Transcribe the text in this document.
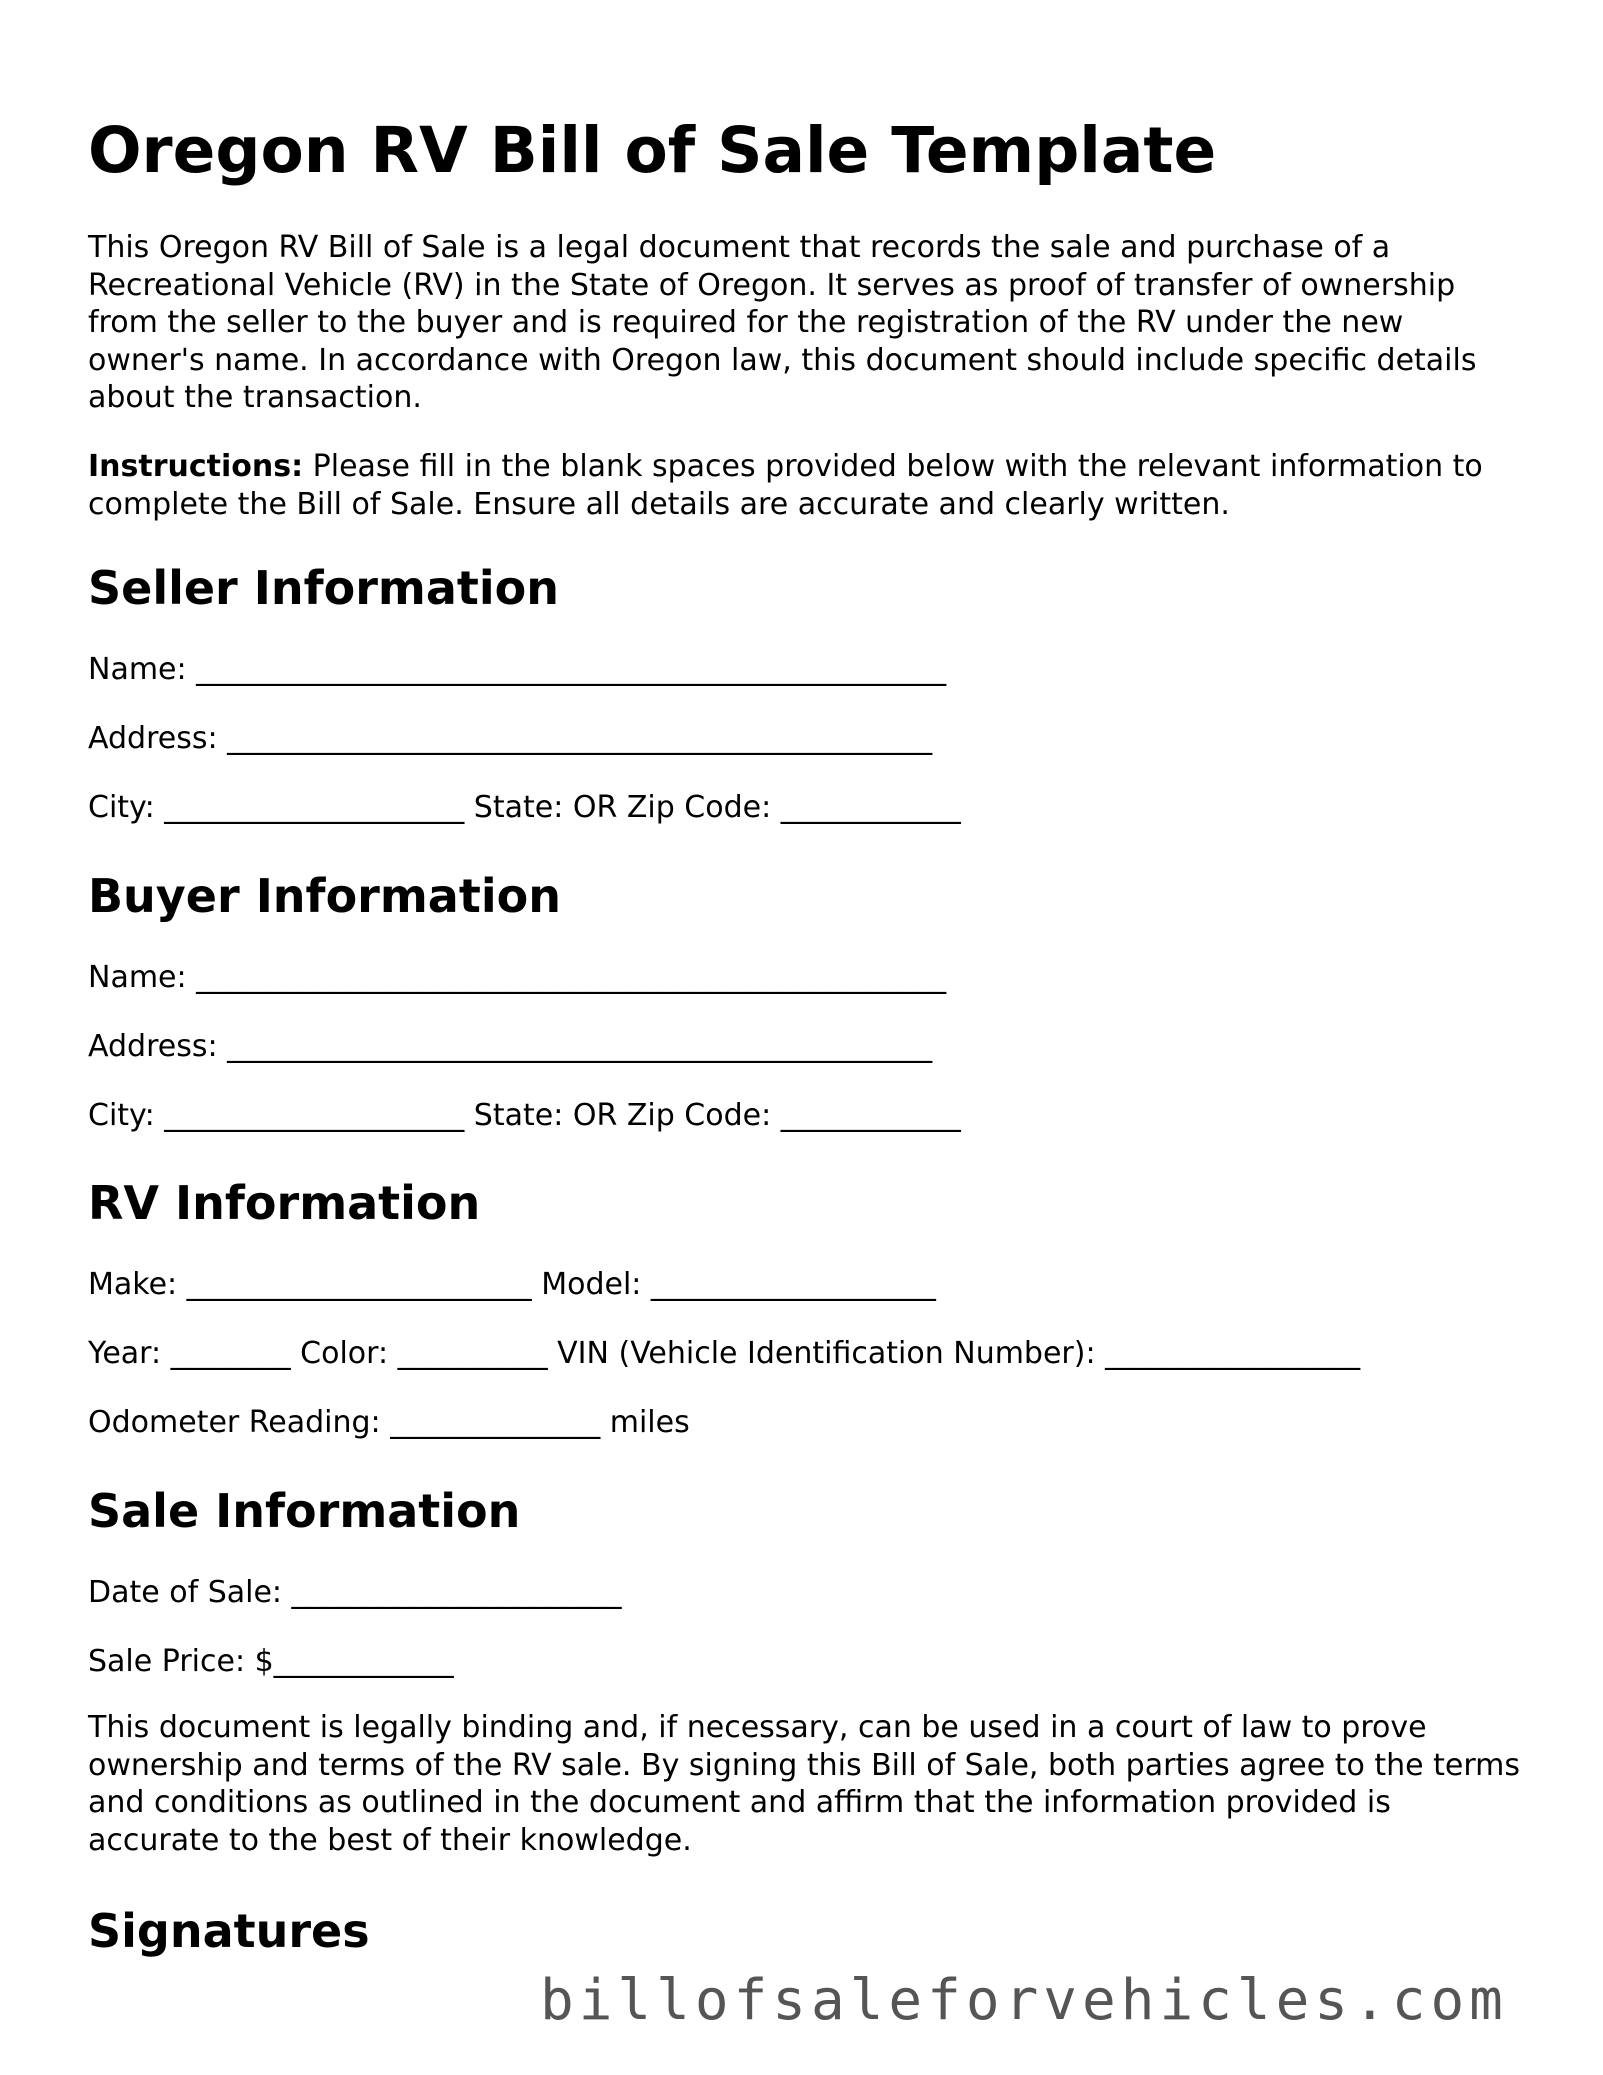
Oregon RV Bill of Sale Template

This Oregon RV Bill of Sale is a legal document that records the sale and purchase of a Recreational Vehicle (RV) in the State of Oregon. It serves as proof of transfer of ownership from the seller to the buyer and is required for the registration of the RV under the new owner's name. In accordance with Oregon law, this document should include specific details about the transaction.

Instructions: Please fill in the blank spaces provided below with the relevant information to complete the Bill of Sale. Ensure all details are accurate and clearly written.

Seller Information
Name: __________________________________________________
Address: _______________________________________________
City: ____________________ State: OR Zip Code: ____________
Buyer Information
Name: __________________________________________________
Address: _______________________________________________
City: ____________________ State: OR Zip Code: ____________
RV Information
Make: _______________________ Model: ___________________
Year: ________ Color: __________ VIN (Vehicle Identification Number): _________________
Odometer Reading: ______________ miles
Sale Information
Date of Sale: ______________________
Sale Price: $____________

This document is legally binding and, if necessary, can be used in a court of law to prove ownership and terms of the RV sale. By signing this Bill of Sale, both parties agree to the terms and conditions as outlined in the document and affirm that the information provided is accurate to the best of their knowledge.

Signatures
billofsaleforvehicles.com
